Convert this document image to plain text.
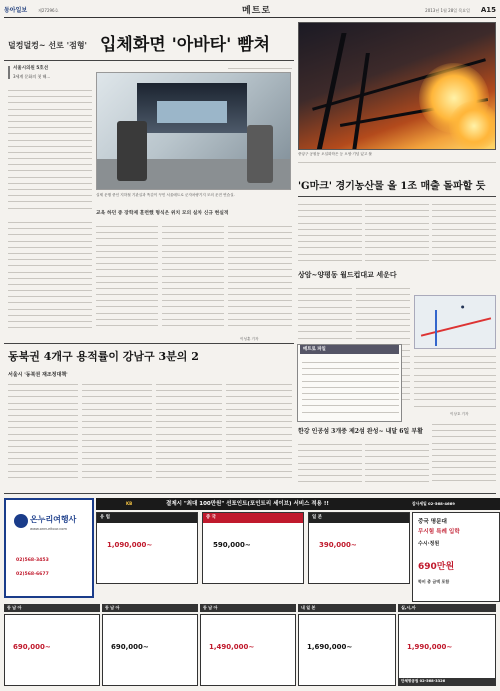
동아일보	제27296호	메트로	2013년 1월 28일 목요일 A15
덜컹덜컹~ 선로 '점형' 입체화면 '아바타' 빰쳐
서울시의원 5호선
3세계 문화의 첫 해...
실제 운행 중인 지하철 기관실과 똑같이 꾸민 서울메트로 군자차량기지 모의 운전 연습실.
교육 하던 중 장학제 훈련했 형식은 위치 모의 실차 신규 현실적
이성훈 기자
중앙구 공원동 오일화학은 등 오염·기념 있고 불
'G마크' 경기농산물 올 1조 매출 돌파할 듯
상암~양평동 월드컵대교 세운다
●
이상호 기자
동북권 4개구 용적률이 강남구 3분의 2
서울시 '동북권 재조정대책'
메트로 파일
한강 인공섬 3개중 제2섬 완성~ 내달 6일 부활
온누리여행사
www.onnuritour.com
02)568-3453
02)568-6677
KB	결제시 "최대 100만원" 선포인트(포인트리 세이브) 서비스 적용 !!	감사세일 02-568-4669
유 럽
1,090,000~
중 국
590,000~
일 본
390,000~
중국 명문대
무시험 특례 입학
수시·정원
690만원
학비 총 금액 포함
동 남 아	동 남 아	동 남 아	내 일 본	실,시,아
690,000~	690,000~	1,490,000~	1,690,000~	1,990,000~
단체항공권 02-568-3326
